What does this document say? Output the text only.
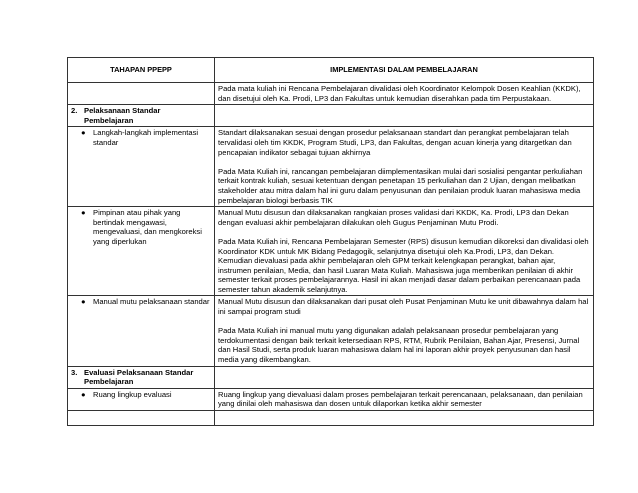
TAHAPAN PPEPP	IMPLEMENTASI DALAM PEMBELAJARAN

	Pada mata kuliah ini Rencana Pembelajaran divalidasi oleh Koordinator Kelompok Dosen Keahlian (KKDK), dan disetujui oleh Ka. Prodi, LP3 dan Fakultas untuk kemudian diserahkan pada tim Perpustakaan.

2. Pelaksanaan Standar Pembelajaran	

● Langkah-langkah implementasi standar	Standart dilaksanakan sesuai dengan prosedur pelaksanaan standart dan perangkat pembelajaran telah tervalidasi oleh tim KKDK, Program Studi, LP3, dan Fakultas, dengan acuan kinerja yang ditargetkan dan pencapaian indikator sebagai tujuan akhirnya
Pada Mata Kuliah ini, rancangan pembelajaran diimplementasikan mulai dari sosialisi pengantar perkuliahan terkait kontrak kuliah, sesuai ketentuan dengan penetapan 15 perkuliahan dan 2 Ujian, dengan melibatkan stakeholder atau mitra dalam hal ini guru dalam penyusunan dan penilaian produk luaran mahasiswa media pembelajaran biologi berbasis TIK

● Pimpinan atau pihak yang bertindak mengawasi, mengevaluasi, dan mengkoreksi yang diperlukan	Manual Mutu disusun dan dilaksanakan rangkaian proses validasi dari KKDK, Ka. Prodi, LP3 dan Dekan dengan evaluasi akhir pembelajaran dilakukan oleh Gugus Penjaminan Mutu Prodi.
Pada Mata Kuliah ini, Rencana Pembelajaran Semester (RPS) disusun kemudian dikoreksi dan divalidasi oleh Koordinator KDK untuk MK Bidang Pedagogik, selanjutnya disetujui oleh Ka.Prodi, LP3, dan Dekan. Kemudian dievaluasi pada akhir pembelajaran oleh GPM terkait kelengkapan perangkat, bahan ajar, instrumen penilaian, Media, dan hasil Luaran Mata Kuliah. Mahasiswa juga memberikan penilaian di akhir semester terkait proses pembelajarannya. Hasil ini akan menjadi dasar dalam perbaikan perencanaan pada semester tahun akademik selanjutnya.

● Manual mutu pelaksanaan standar	Manual Mutu disusun dan dilaksanakan dari pusat oleh Pusat Penjaminan Mutu ke unit dibawahnya dalam hal ini sampai program studi
Pada Mata Kuliah ini manual mutu yang digunakan adalah pelaksanaan prosedur pembelajaran yang terdokumentasi dengan baik terkait ketersediaan RPS, RTM, Rubrik Penilaian, Bahan Ajar, Presensi, Jurnal dan Hasil Studi, serta produk luaran mahasiswa dalam hal ini laporan akhir proyek penyusunan dan hasil media yang dikembangkan.

3. Evaluasi Pelaksanaan Standar Pembelajaran	

● Ruang lingkup evaluasi	Ruang lingkup yang dievaluasi dalam proses pembelajaran terkait perencanaan, pelaksanaan, dan penilaian yang dinilai oleh mahasiswa dan dosen untuk dilaporkan ketika akhir semester
